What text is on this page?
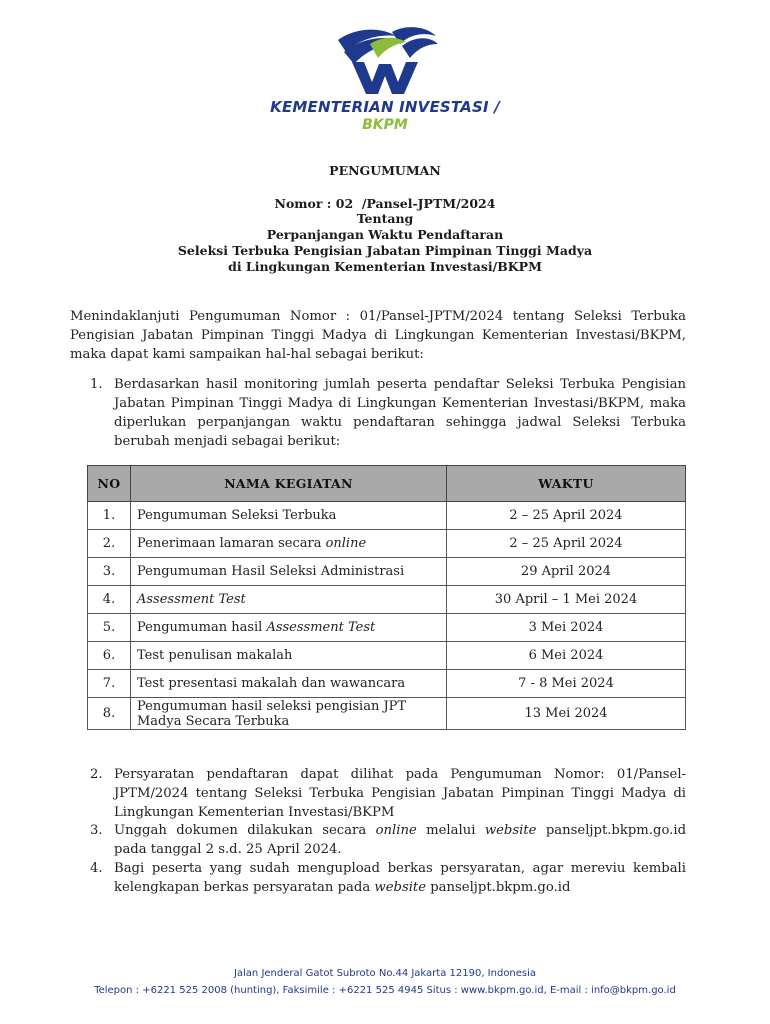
KEMENTERIAN INVESTASI /
BKPM
PENGUMUMAN
Nomor : 02  /Pansel-JPTM/2024
Tentang
Perpanjangan Waktu Pendaftaran
Seleksi Terbuka Pengisian Jabatan Pimpinan Tinggi Madya
di Lingkungan Kementerian Investasi/BKPM
Menindaklanjuti Pengumuman Nomor : 01/Pansel-JPTM/2024 tentang Seleksi Terbuka Pengisian Jabatan Pimpinan Tinggi Madya di Lingkungan Kementerian Investasi/BKPM, maka dapat kami sampaikan hal-hal sebagai berikut:
1. Berdasarkan hasil monitoring jumlah peserta pendaftar Seleksi Terbuka Pengisian Jabatan Pimpinan Tinggi Madya di Lingkungan Kementerian Investasi/BKPM, maka diperlukan perpanjangan waktu pendaftaran sehingga jadwal Seleksi Terbuka berubah menjadi sebagai berikut:
NO	NAMA KEGIATAN	WAKTU
1.	Pengumuman Seleksi Terbuka	2 – 25 April 2024
2.	Penerimaan lamaran secara online	2 – 25 April 2024
3.	Pengumuman Hasil Seleksi Administrasi	29 April 2024
4.	Assessment Test	30 April – 1 Mei 2024
5.	Pengumuman hasil Assessment Test	3 Mei 2024
6.	Test penulisan makalah	6 Mei 2024
7.	Test presentasi makalah dan wawancara	7 - 8 Mei 2024
8.	Pengumuman hasil seleksi pengisian JPT Madya Secara Terbuka	13 Mei 2024
2. Persyaratan pendaftaran dapat dilihat pada Pengumuman Nomor: 01/Pansel-JPTM/2024 tentang Seleksi Terbuka Pengisian Jabatan Pimpinan Tinggi Madya di Lingkungan Kementerian Investasi/BKPM
3. Unggah dokumen dilakukan secara online melalui website panseljpt.bkpm.go.id pada tanggal 2 s.d. 25 April 2024.
4. Bagi peserta yang sudah mengupload berkas persyaratan, agar mereviu kembali kelengkapan berkas persyaratan pada website panseljpt.bkpm.go.id
Jalan Jenderal Gatot Subroto No.44 Jakarta 12190, Indonesia
Telepon : +6221 525 2008 (hunting), Faksimile : +6221 525 4945 Situs : www.bkpm.go.id, E-mail : info@bkpm.go.id
